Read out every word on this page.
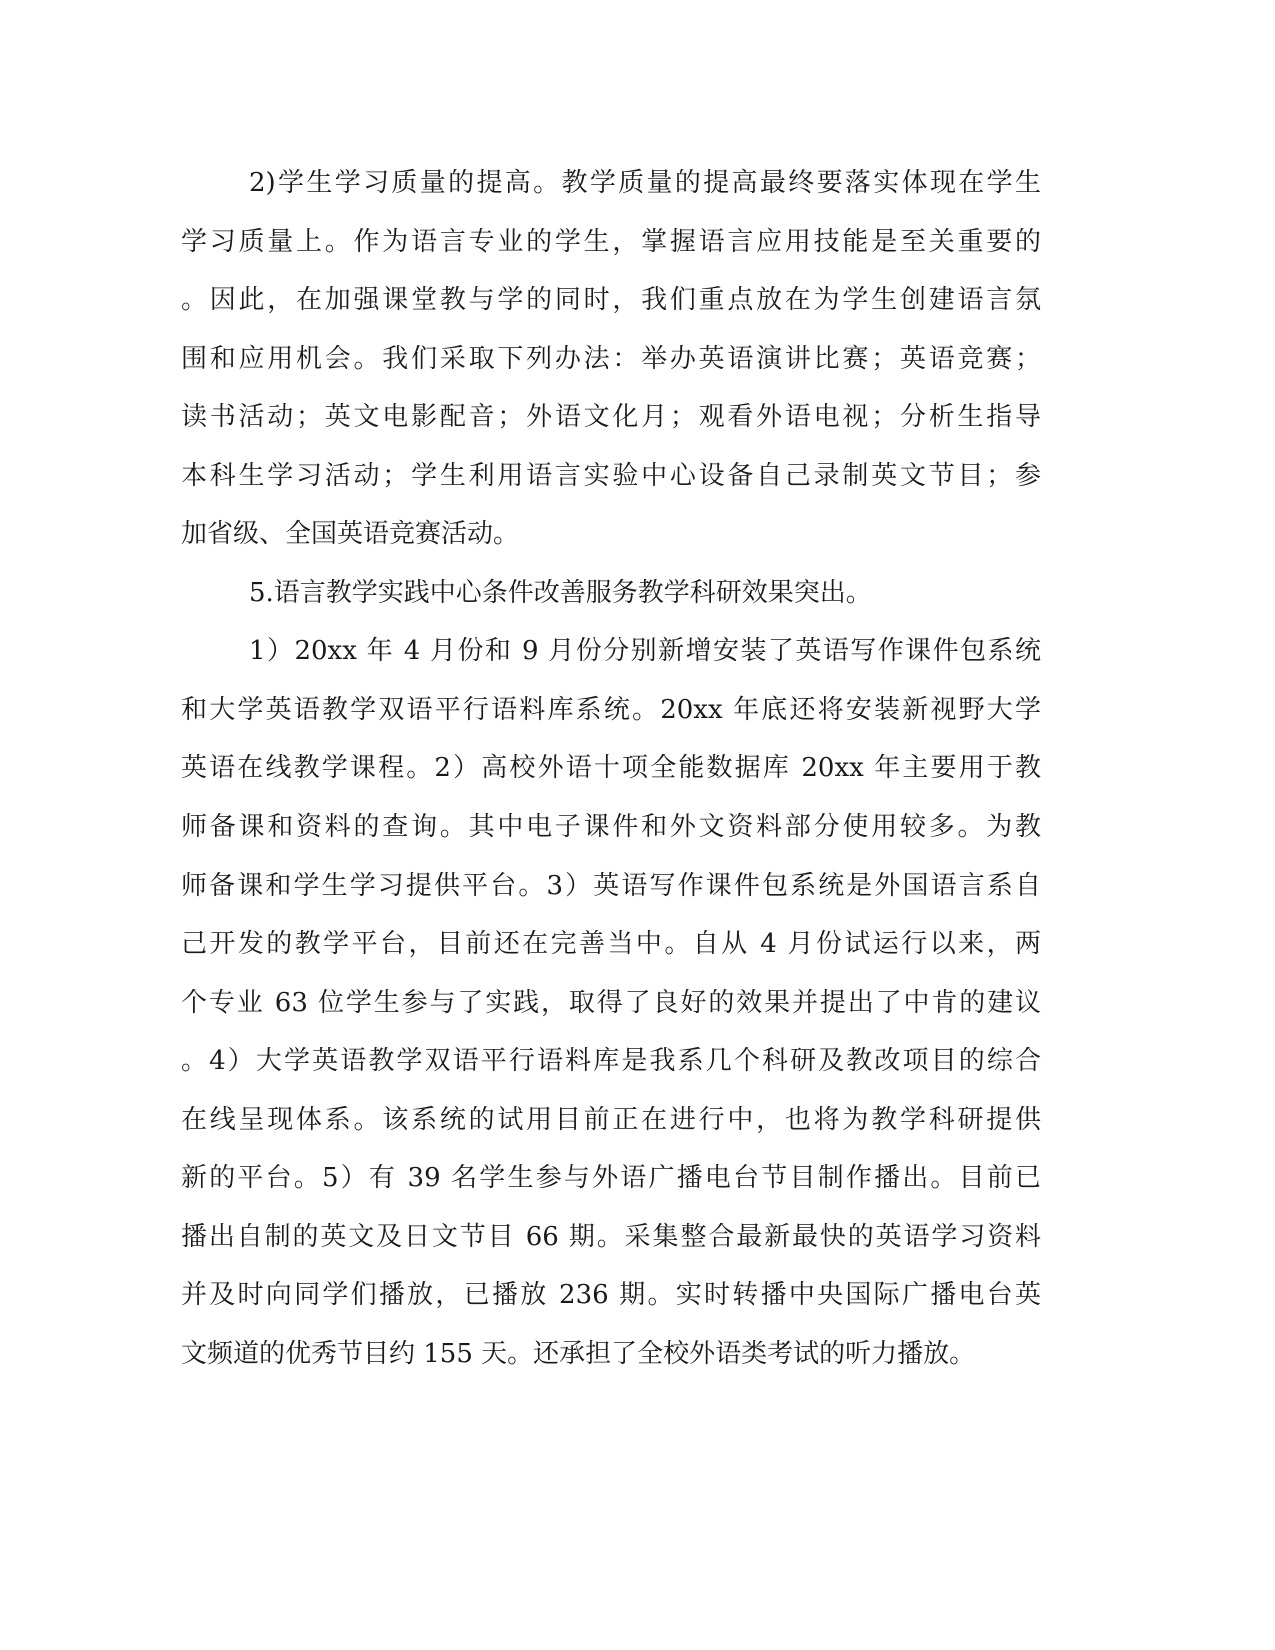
2)学生学习质量的提高。教学质量的提高最终要落实体现在学生
学习质量上。作为语言专业的学生，掌握语言应用技能是至关重要的
。因此，在加强课堂教与学的同时，我们重点放在为学生创建语言氛
围和应用机会。我们采取下列办法：举办英语演讲比赛；英语竞赛；
读书活动；英文电影配音；外语文化月；观看外语电视；分析生指导
本科生学习活动；学生利用语言实验中心设备自己录制英文节目；参
加省级、全国英语竞赛活动。
5.语言教学实践中心条件改善服务教学科研效果突出。
1）20xx 年 4 月份和 9 月份分别新增安装了英语写作课件包系统
和大学英语教学双语平行语料库系统。20xx 年底还将安装新视野大学
英语在线教学课程。2）高校外语十项全能数据库 20xx 年主要用于教
师备课和资料的查询。其中电子课件和外文资料部分使用较多。为教
师备课和学生学习提供平台。3）英语写作课件包系统是外国语言系自
己开发的教学平台，目前还在完善当中。自从 4 月份试运行以来，两
个专业 63 位学生参与了实践，取得了良好的效果并提出了中肯的建议
。4）大学英语教学双语平行语料库是我系几个科研及教改项目的综合
在线呈现体系。该系统的试用目前正在进行中，也将为教学科研提供
新的平台。5）有 39 名学生参与外语广播电台节目制作播出。目前已
播出自制的英文及日文节目 66 期。采集整合最新最快的英语学习资料
并及时向同学们播放，已播放 236 期。实时转播中央国际广播电台英
文频道的优秀节目约 155 天。还承担了全校外语类考试的听力播放。
